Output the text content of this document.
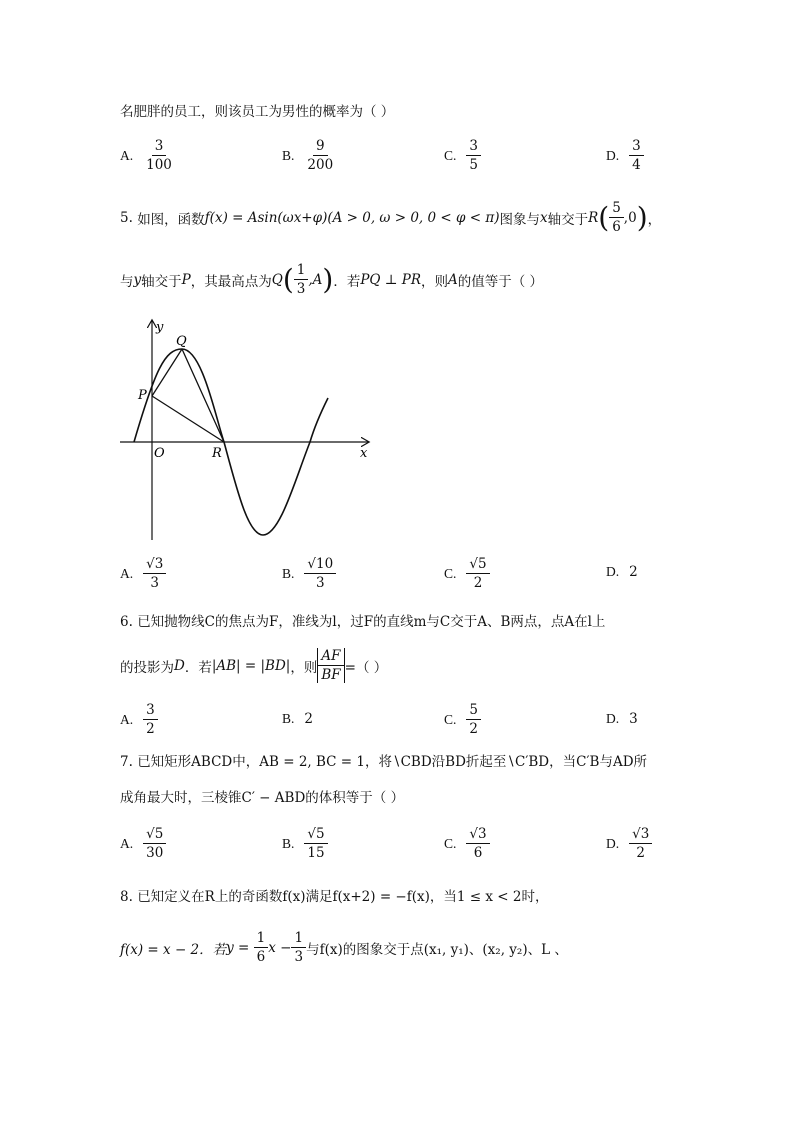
名肥胖的员工，则该员工为男性的概率为（ ）
A. $\frac{3}{100}$	B. $\frac{9}{200}$	C. $\frac{3}{5}$	D. $\frac{3}{4}$
5.
如图，函数 f(x) = Asin(ωx+φ)(A > 0, ω > 0, 0 < φ < π) 图象与 x 轴交于 R ( $\frac{5}{6} ,0$ ) ，
与 y 轴交于 P ，其最高点为 Q ( $\frac{1}{3} ,A$ ) ．若 PQ ⊥ PR ，则 A 的值等于（ ）
y
Q
P
O	R	x
A. $\frac{√3}{3}$	B. $\frac{√10}{3}$	C. $\frac{√5}{2}$	D. 2
6. 已知抛物线C的焦点为F，准线为l，过F的直线m与C交于A、B两点，点A在l上
的投影为 D ．若 |AB| = |BD| ，则 $\frac{AF}{BF}$ =（ ）
A. $\frac{3}{2}$	B. 2	C. $\frac{5}{2}$	D. 3
7. 已知矩形ABCD中，AB = 2, BC = 1，将∖CBD沿BD折起至∖C′BD，当C′B与AD所
成角最大时，三棱锥C′ − ABD的体积等于（ ）
A. $\frac{√5}{30}$	B. $\frac{√5}{15}$	C. $\frac{√3}{6}$	D. $\frac{√3}{2}$
8. 已知定义在R上的奇函数f(x)满足f(x+2) = −f(x)，当1 ≤ x < 2时，
f(x) = x − 2．若 y =
$\frac{1}{6}$ $x - \frac{1}{3}$ 与f(x)的图象交于点(x₁, y₁)、(x₂, y₂)、L 、
